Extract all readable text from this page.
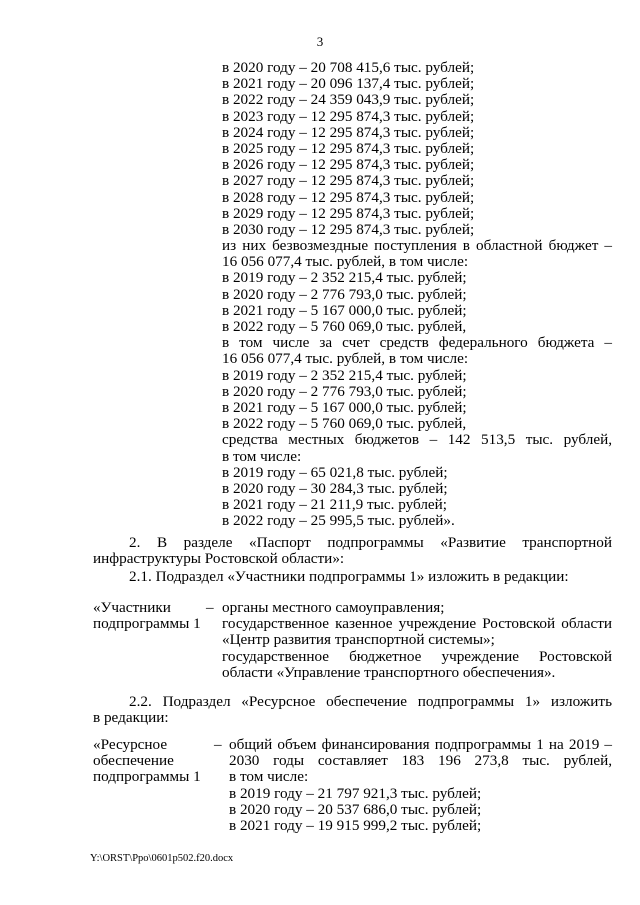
3
в 2020 году – 20 708 415,6 тыс. рублей;
в 2021 году – 20 096 137,4 тыс. рублей;
в 2022 году – 24 359 043,9 тыс. рублей;
в 2023 году – 12 295 874,3 тыс. рублей;
в 2024 году – 12 295 874,3 тыс. рублей;
в 2025 году – 12 295 874,3 тыс. рублей;
в 2026 году – 12 295 874,3 тыс. рублей;
в 2027 году – 12 295 874,3 тыс. рублей;
в 2028 году – 12 295 874,3 тыс. рублей;
в 2029 году – 12 295 874,3 тыс. рублей;
в 2030 году – 12 295 874,3 тыс. рублей;
из них безвозмездные поступления в областной бюджет –
16 056 077,4 тыс. рублей, в том числе:
в 2019 году – 2 352 215,4 тыс. рублей;
в 2020 году – 2 776 793,0 тыс. рублей;
в 2021 году – 5 167 000,0 тыс. рублей;
в 2022 году – 5 760 069,0 тыс. рублей,
в том числе за счет средств федерального бюджета –
16 056 077,4 тыс. рублей, в том числе:
в 2019 году – 2 352 215,4 тыс. рублей;
в 2020 году – 2 776 793,0 тыс. рублей;
в 2021 году – 5 167 000,0 тыс. рублей;
в 2022 году – 5 760 069,0 тыс. рублей,
средства местных бюджетов – 142 513,5 тыс. рублей,
в том числе:
в 2019 году – 65 021,8 тыс. рублей;
в 2020 году – 30 284,3 тыс. рублей;
в 2021 году – 21 211,9 тыс. рублей;
в 2022 году – 25 995,5 тыс. рублей».
2. В разделе «Паспорт подпрограммы «Развитие транспортной
инфраструктуры Ростовской области»:
2.1. Подраздел «Участники подпрограммы 1» изложить в редакции:
«Участники
подпрограммы 1
– органы местного самоуправления;
государственное казенное учреждение Ростовской области
«Центр развития транспортной системы»;
государственное бюджетное учреждение Ростовской
области «Управление транспортного обеспечения».
2.2. Подраздел «Ресурсное обеспечение подпрограммы 1» изложить
в редакции:
«Ресурсное
обеспечение
подпрограммы 1
– общий объем финансирования подпрограммы 1 на 2019 –
2030 годы составляет 183 196 273,8 тыс. рублей,
в том числе:
в 2019 году – 21 797 921,3 тыс. рублей;
в 2020 году – 20 537 686,0 тыс. рублей;
в 2021 году – 19 915 999,2 тыс. рублей;
Y:\ORST\Ppo\0601p502.f20.docx
